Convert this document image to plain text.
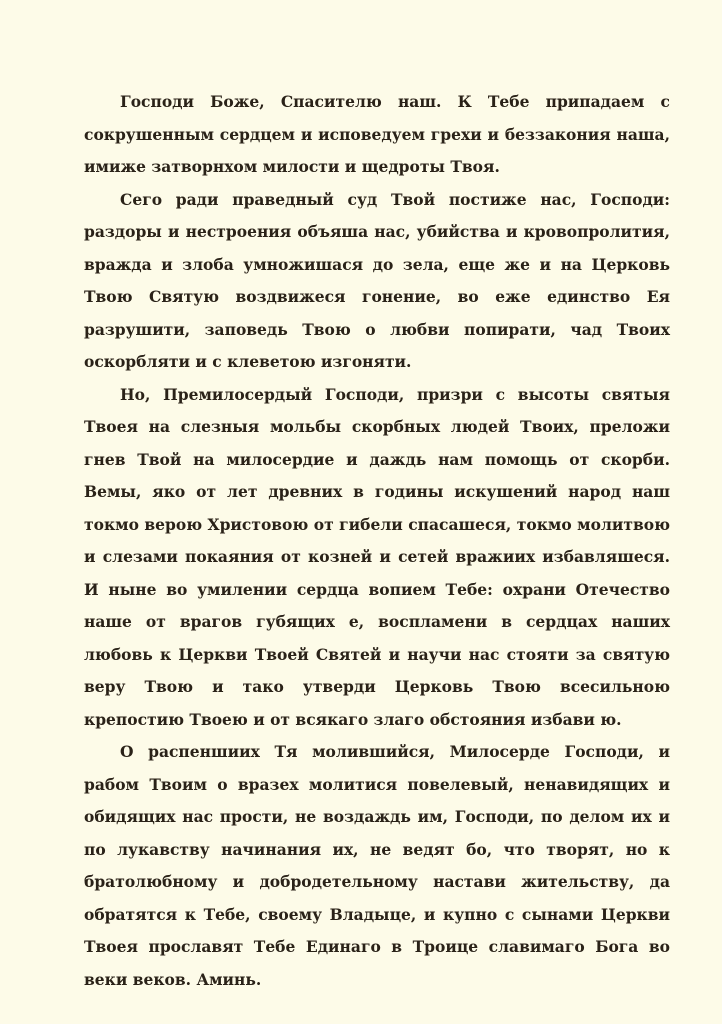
Господи Боже, Спасителю наш. К Тебе припадаем с сокрушенным сердцем и исповедуем грехи и беззакония наша, имиже затворнхом милости и щедроты Твоя.

Сего ради праведный суд Твой постиже нас, Господи: раздоры и нестроения объяша нас, убийства и кровопролития, вражда и злоба умножишася до зела, еще же и на Церковь Твою Святую воздвижеся гонение, во еже единство Ея разрушити, заповедь Твою о любви попирати, чад Твоих оскорбляти и с клеветою изгоняти.

Но, Премилосердый Господи, призри с высоты святыя Твоея на слезныя мольбы скорбных людей Твоих, преложи гнев Твой на милосердие и даждь нам помощь от скорби. Вемы, яко от лет древних в годины искушений народ наш токмо верою Христовою от гибели спасашеся, токмо молитвою и слезами покаяния от козней и сетей вражиих избавляшеся. И ныне во умилении сердца вопием Тебе: охрани Отечество наше от врагов губящих е, воспламени в сердцах наших любовь к Церкви Твоей Святей и научи нас стояти за святую веру Твою и тако утверди Церковь Твою всесильною крепостию Твоею и от всякаго злаго обстояния избави ю.

О распеншиих Тя молившийся, Милосерде Господи, и рабом Твоим о вразех молитися повелевый, ненавидящих и обидящих нас прости, не воздаждь им, Господи, по делом их и по лукавству начинания их, не ведят бо, что творят, но к братолюбному и добродетельному настави жительству, да обратятся к Тебе, своему Владыце, и купно с сынами Церкви Твоея прославят Тебе Единаго в Троице славимаго Бога во веки веков. Аминь.
